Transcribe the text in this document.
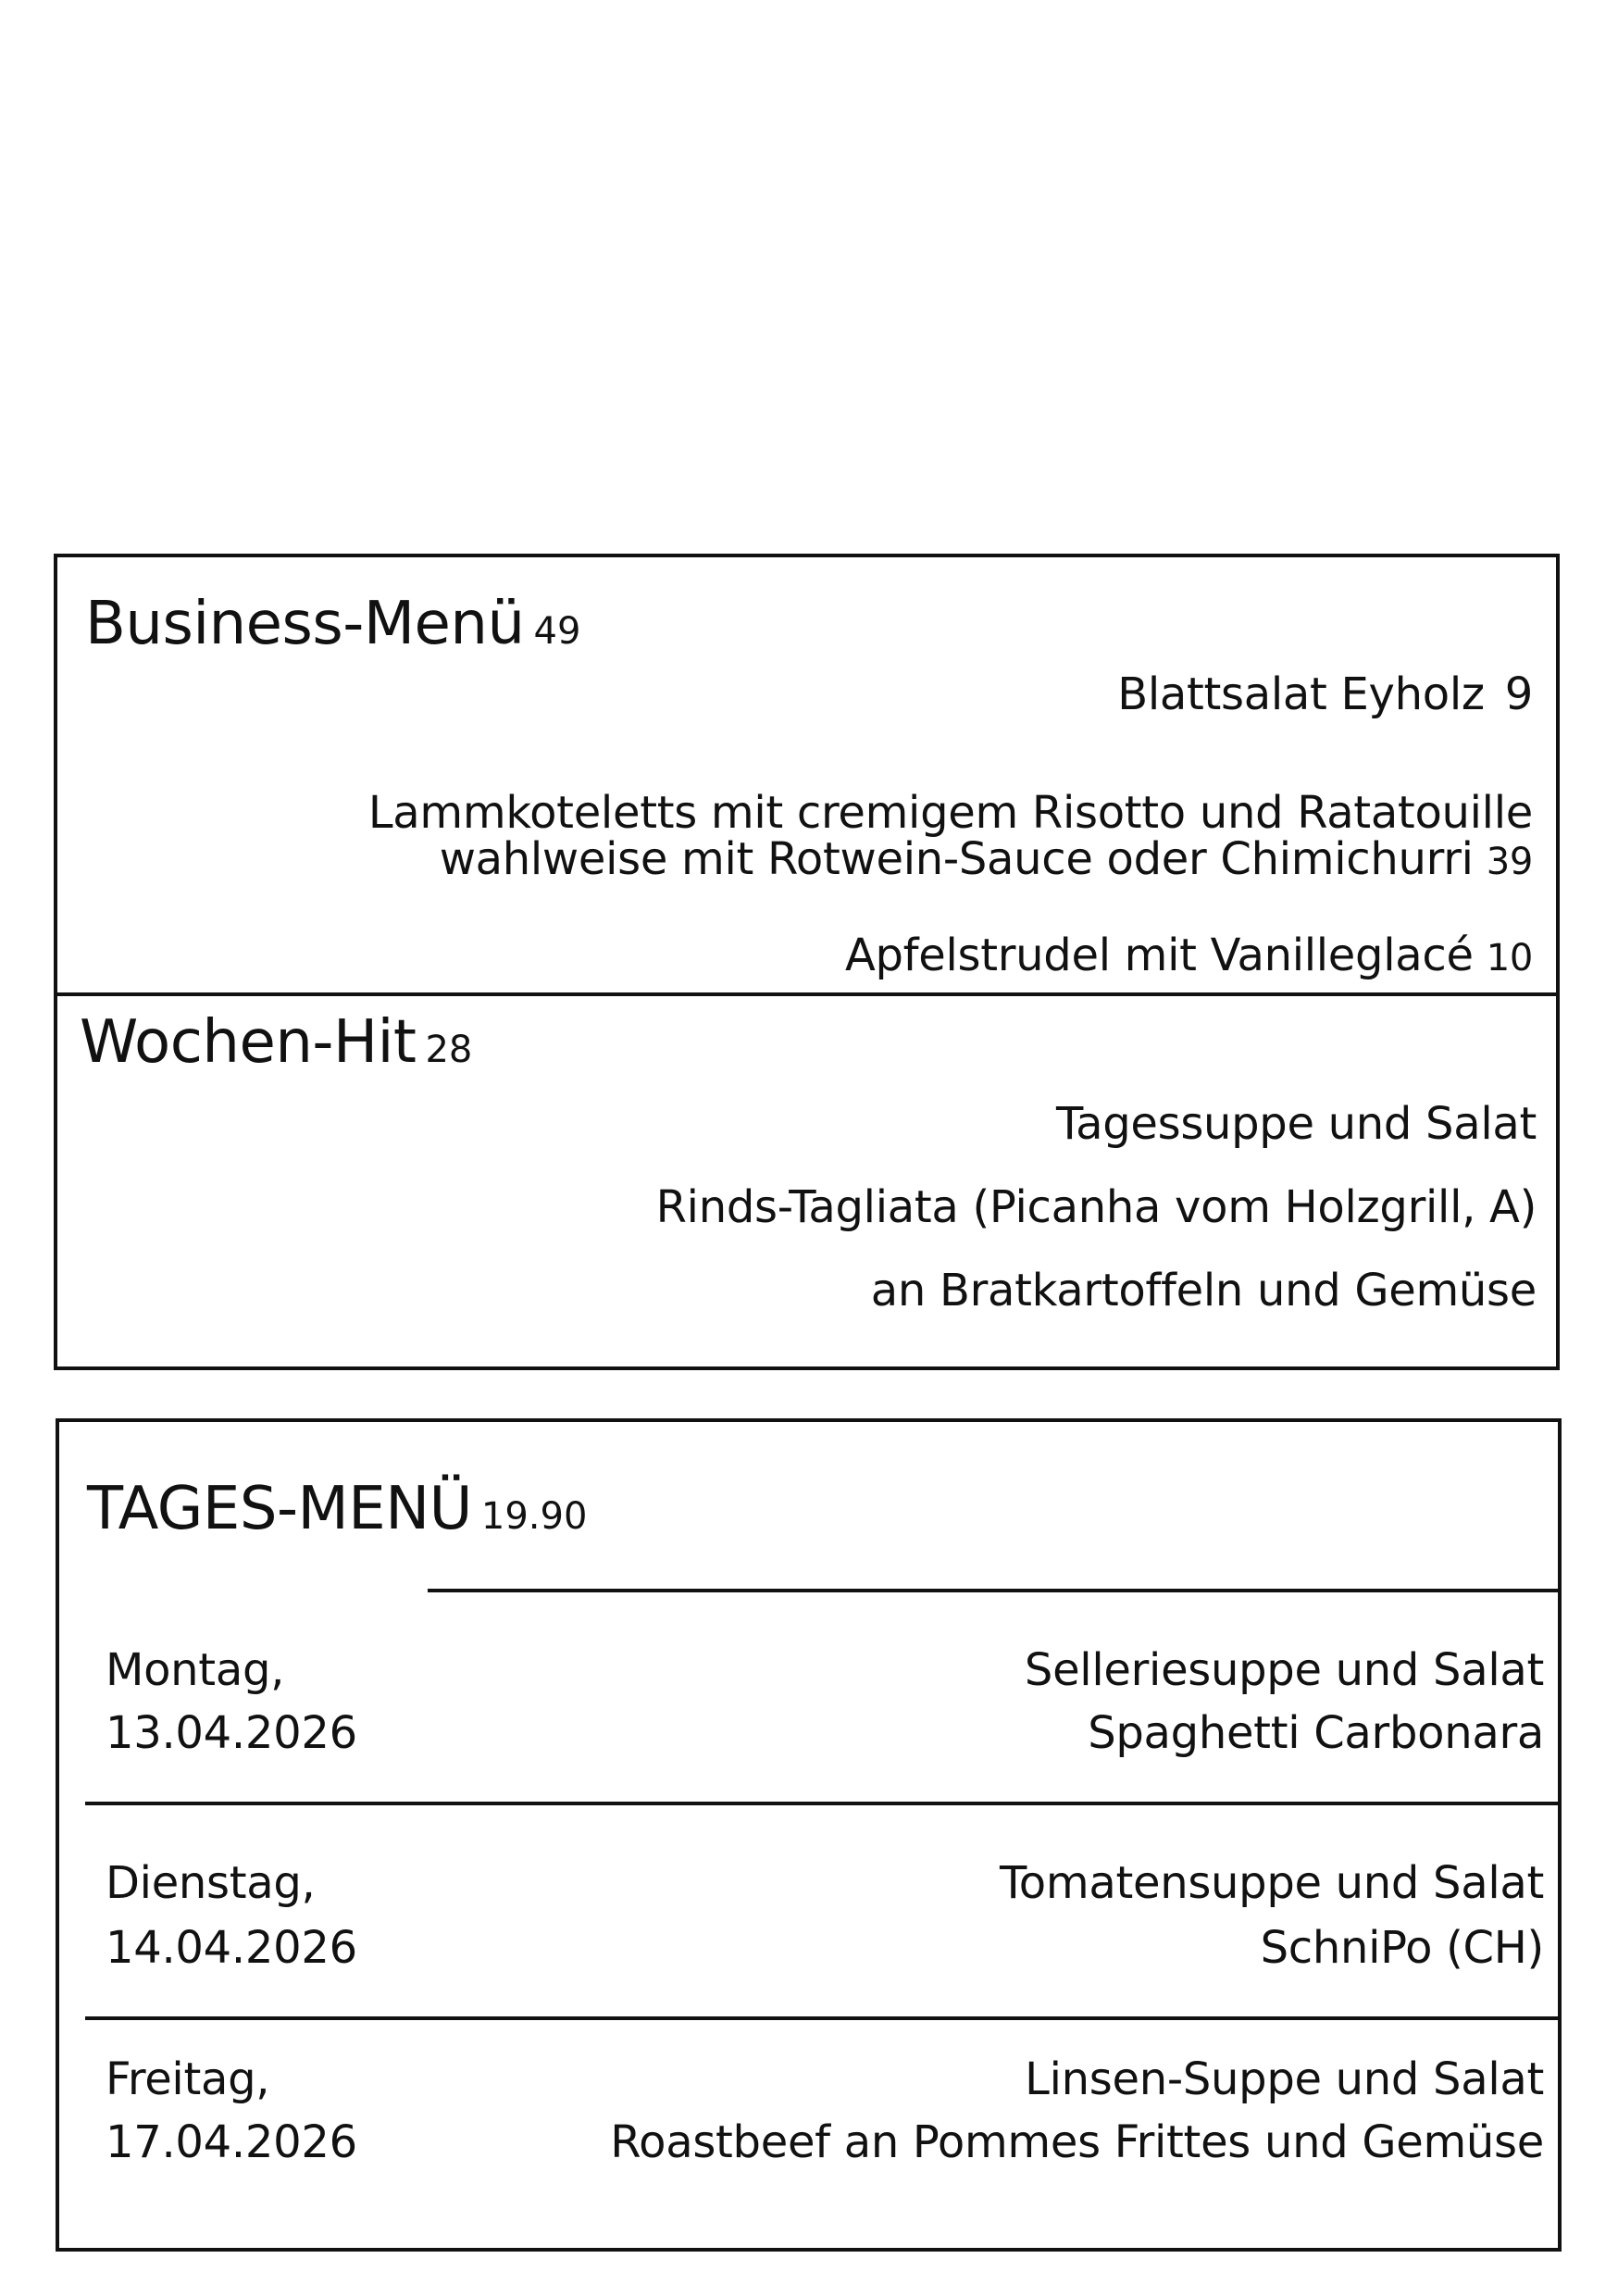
Business-Menü 49
Blattsalat Eyholz 9
Lammkoteletts mit cremigem Risotto und Ratatouille
wahlweise mit Rotwein-Sauce oder Chimichurri 39
Apfelstrudel mit Vanilleglacé 10
Wochen-Hit 28
Tagessuppe und Salat
Rinds-Tagliata (Picanha vom Holzgrill, A)
an Bratkartoffeln und Gemüse
TAGES-MENÜ 19.90
Montag,
13.04.2026
Selleriesuppe und Salat
Spaghetti Carbonara
Dienstag,
14.04.2026
Tomatensuppe und Salat
SchniPo (CH)
Freitag,
17.04.2026
Linsen-Suppe und Salat
Roastbeef an Pommes Frittes und Gemüse
